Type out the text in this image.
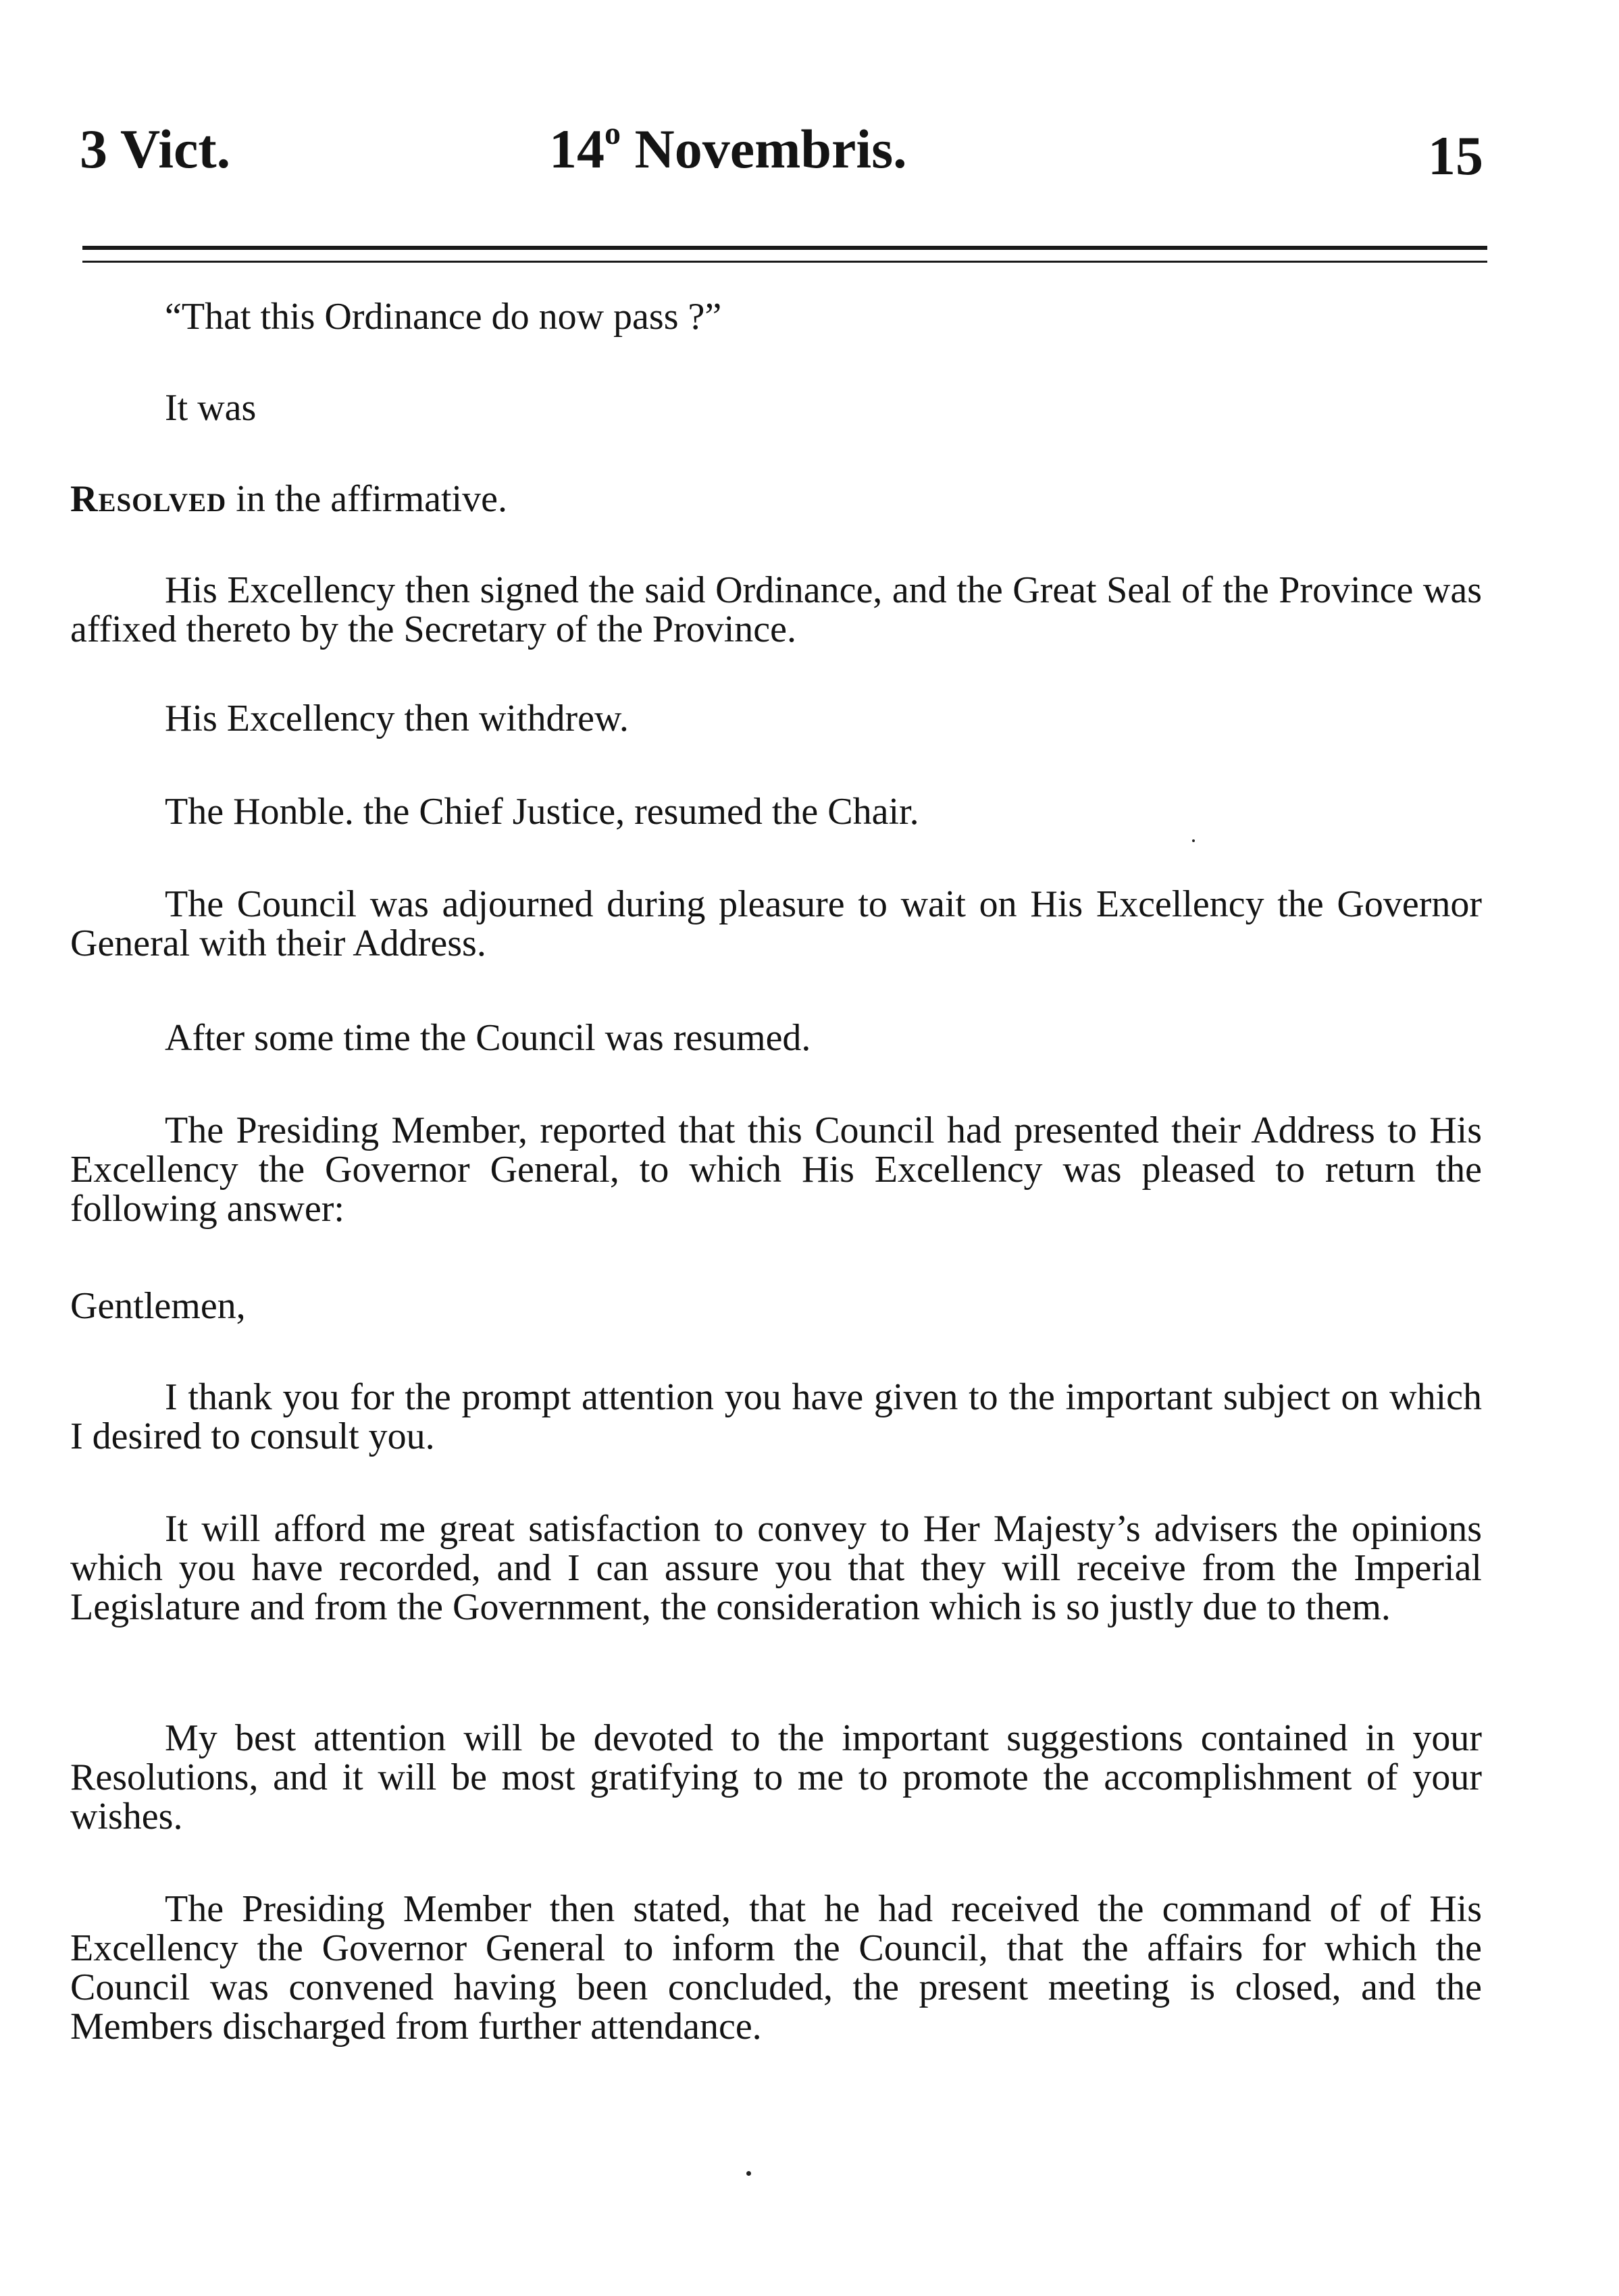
3 Vict.	14$^o$ Novembris.	15

“That this Ordinance do now pass ?”

It was

Resolved in the affirmative.

His Excellency then signed the said Ordinance, and the Great Seal of the Province was affixed thereto by the Secretary of the Province.

His Excellency then withdrew.

The Honble. the Chief Justice, resumed the Chair.

The Council was adjourned during pleasure to wait on His Excellency the Governor General with their Address.

After some time the Council was resumed.

The Presiding Member, reported that this Council had presented their Address to His Excellency the Governor General, to which His Excellency was pleased to return the following answer:

Gentlemen,

I thank you for the prompt attention you have given to the important subject on which I desired to consult you.

It will afford me great satisfaction to convey to Her Majesty’s advisers the opinions which you have recorded, and I can assure you that they will receive from the Imperial Legislature and from the Government, the consideration which is so justly due to them.

My best attention will be devoted to the important suggestions contained in your Resolutions, and it will be most gratifying to me to promote the accomplishment of your wishes.

The Presiding Member then stated, that he had received the command of of His Excellency the Governor General to inform the Council, that the affairs for which the Council was convened having been concluded, the present meeting is closed, and the Members discharged from further attendance.
